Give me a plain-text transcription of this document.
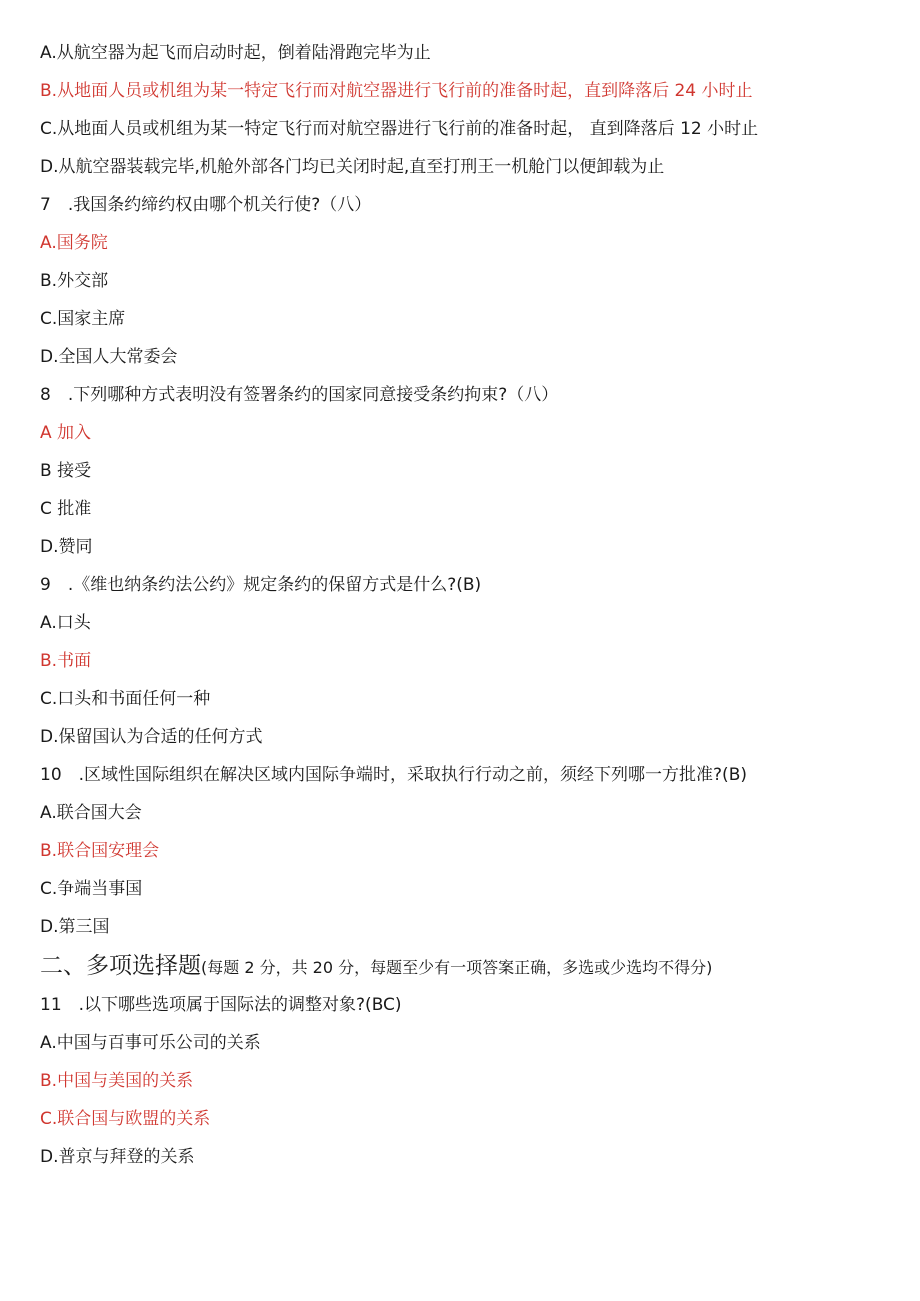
A.从航空器为起飞而启动时起，倒着陆滑跑完毕为止
B.从地面人员或机组为某一特定飞行而对航空器进行飞行前的准备时起，直到降落后 24 小时止
C.从地面人员或机组为某一特定飞行而对航空器进行飞行前的准备时起， 直到降落后 12 小时止
D.从航空器装载完毕,机舱外部各门均已关闭时起,直至打刑王一机舱门以便卸载为止
7　.我国条约缔约权由哪个机关行使?（八）
A.国务院
B.外交部
C.国家主席
D.全国人大常委会
8　.下列哪种方式表明没有签署条约的国家同意接受条约拘束?（八）
A 加入
B 接受
C 批准
D.赞同
9　.《维也纳条约法公约》规定条约的保留方式是什么?(B)
A.口头
B.书面
C.口头和书面任何一种
D.保留国认为合适的任何方式
10　.区域性国际组织在解决区域内国际争端时，采取执行行动之前，须经下列哪一方批准?(B)
A.联合国大会
B.联合国安理会
C.争端当事国
D.第三国
二、多项选择题(每题 2 分，共 20 分，每题至少有一项答案正确，多选或少选均不得分)
11　.以下哪些选项属于国际法的调整对象?(BC)
A.中国与百事可乐公司的关系
B.中国与美国的关系
C.联合国与欧盟的关系
D.普京与拜登的关系
